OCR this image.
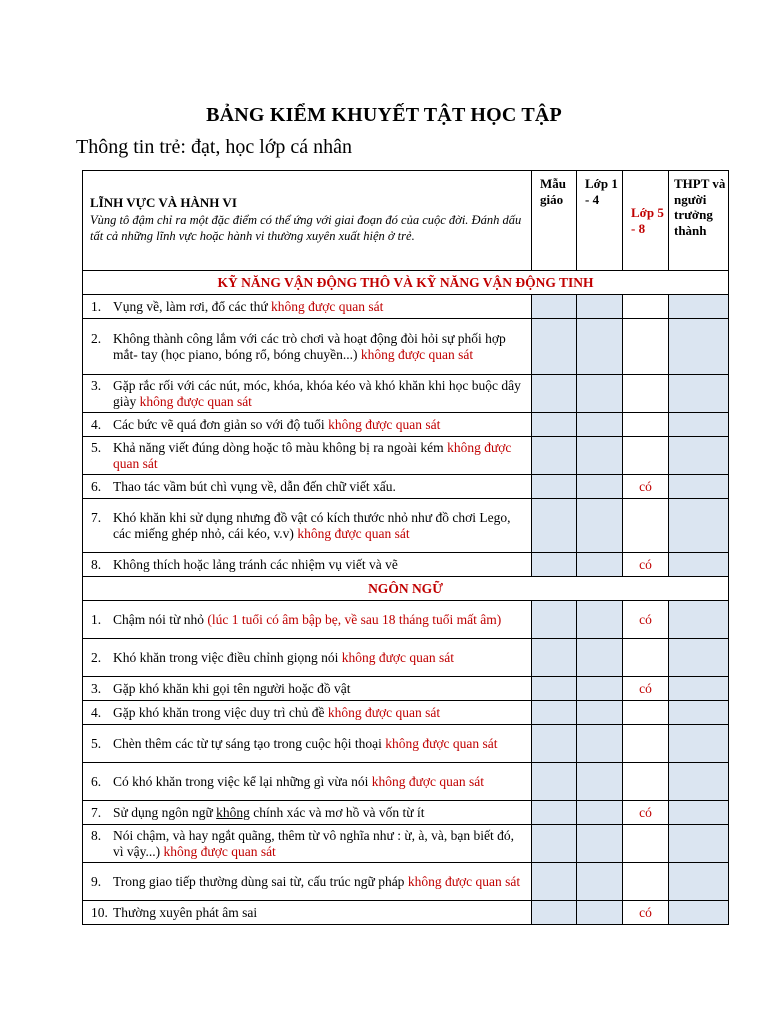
BẢNG KIỂM KHUYẾT TẬT HỌC TẬP
Thông tin trẻ: đạt, học lớp cá nhân
LĨNH VỰC VÀ HÀNH VI
Vùng tô đậm chỉ ra một đặc điểm có thể ứng với giai đoạn đó của cuộc đời. Đánh dấu tất cả những lĩnh vực hoặc hành vi thường xuyên xuất hiện ở trẻ.	Mẫu giáo	Lớp 1 - 4	Lớp 5 - 8	THPT và người trưởng thành
KỸ NĂNG VẬN ĐỘNG THÔ VÀ KỸ NĂNG VẬN ĐỘNG TINH				
1. Vụng về, làm rơi, đổ các thứ không được quan sát				
2. Không thành công lắm với các trò chơi và hoạt động đòi hỏi sự phối hợp mắt- tay (học piano, bóng rổ, bóng chuyền...) không được quan sát				
3. Gặp rắc rối với các nút, móc, khóa, khóa kéo và khó khăn khi học buộc dây giày không được quan sát				
4. Các bức vẽ quá đơn giản so với độ tuổi không được quan sát				
5. Khả năng viết đúng dòng hoặc tô màu không bị ra ngoài kém không được quan sát				
6. Thao tác vầm bút chì vụng về, dẫn đến chữ viết xấu.			có	
7. Khó khăn khi sử dụng nhưng đồ vật có kích thước nhỏ như đồ chơi Lego, các miếng ghép nhỏ, cái kéo, v.v) không được quan sát				
8. Không thích hoặc lảng tránh các nhiệm vụ viết và vẽ			có	
NGÔN NGỮ				
1. Chậm nói từ nhỏ (lúc 1 tuổi có âm bập bẹ, về sau 18 tháng tuổi mất âm)			có	
2. Khó khăn trong việc điều chỉnh giọng nói không được quan sát				
3. Gặp khó khăn khi gọi tên người hoặc đồ vật			có	
4. Gặp khó khăn trong việc duy trì chủ đề không được quan sát				
5. Chèn thêm các từ tự sáng tạo trong cuộc hội thoại không được quan sát				
6. Có khó khăn trong việc kể lại những gì vừa nói không được quan sát				
7. Sử dụng ngôn ngữ không chính xác và mơ hồ và vốn từ ít			có	
8. Nói chậm, và hay ngắt quãng, thêm từ vô nghĩa như : ừ, à, và, bạn biết đó, vì vậy...) không được quan sát				
9. Trong giao tiếp thường dùng sai từ, cấu trúc ngữ pháp không được quan sát				
10. Thường xuyên phát âm sai			có	
